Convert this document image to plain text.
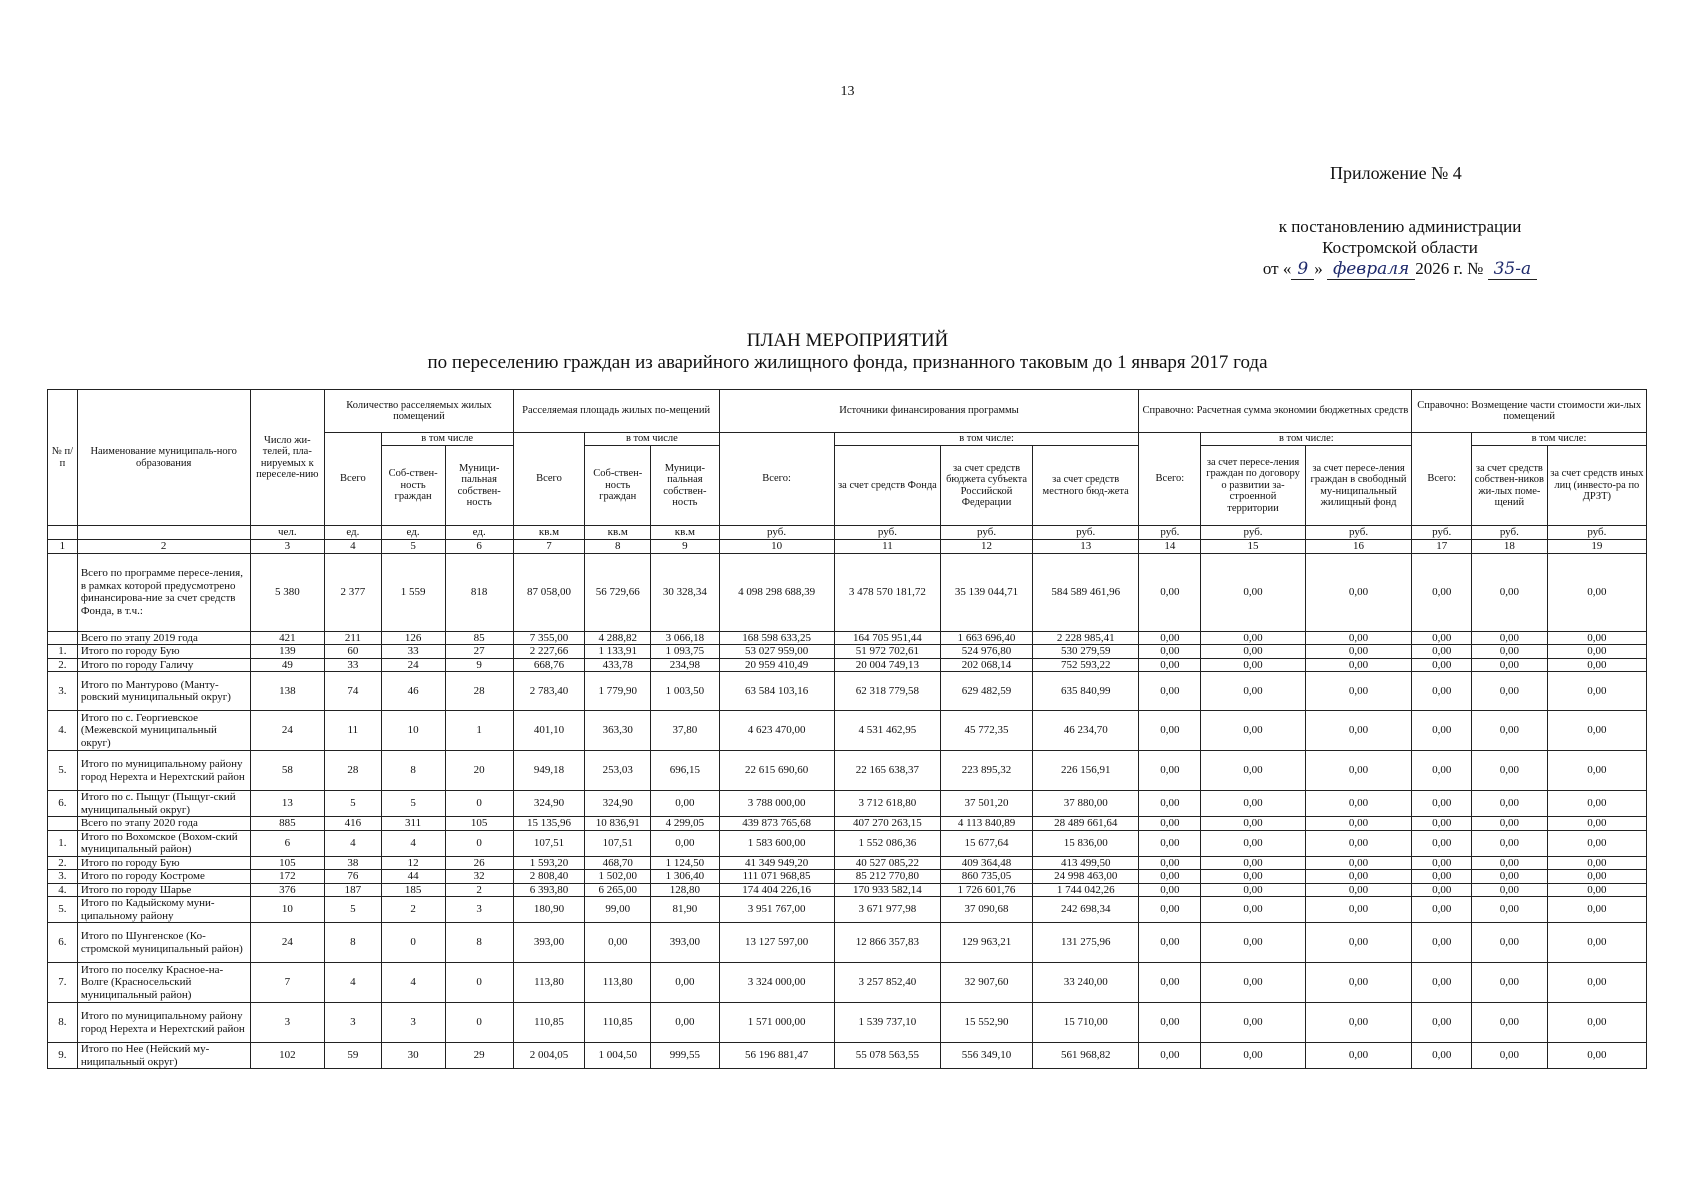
13
Приложение № 4
к постановлению администрации
Костромской области
от « 9 » февраля 2026 г. № 35-а
ПЛАН МЕРОПРИЯТИЙ
по переселению граждан из аварийного жилищного фонда, признанного таковым до 1 января 2017 года
№ п/п	Наименование муниципаль-ного образования	Число жи-телей, пла-нируемых к переселе-нию	Количество расселяемых жилых помещений			Расселяемая площадь жилых по-мещений			Источники финансирования программы				Справочно: Расчетная сумма экономии бюджетных средств			Справочно: Возмещение части стоимости жи-лых помещений		
			Всего	в том числе		Всего	в том числе		Всего:	в том числе:			Всего:	в том числе:		Всего:	в том числе:	
				Соб-ствен-ность граждан	Муници-пальная собствен-ность		Соб-ствен-ность граждан	Муници-пальная собствен-ность		за счет средств Фонда	за счет средств бюджета субъекта Российской Федерации	за счет средств местного бюд-жета		за счет пересе-ления граждан по договору о развитии за-строенной территории	за счет пересе-ления граждан в свободный му-ниципальный жилищный фонд		за счет средств собствен-ников жи-лых поме-щений	за счет средств иных лиц (инвесто-ра по ДРЗТ)
		чел.	ед.	ед.	ед.	кв.м	кв.м	кв.м	руб.	руб.	руб.	руб.	руб.	руб.	руб.	руб.	руб.	руб.
1	2	3	4	5	6	7	8	9	10	11	12	13	14	15	16	17	18	19
	Всего по программе пересе-ления, в рамках которой предусмотрено финансирова-ние за счет средств Фонда, в т.ч.:	5 380	2 377	1 559	818	87 058,00	56 729,66	30 328,34	4 098 298 688,39	3 478 570 181,72	35 139 044,71	584 589 461,96	0,00	0,00	0,00	0,00	0,00	0,00
	Всего по этапу 2019 года	421	211	126	85	7 355,00	4 288,82	3 066,18	168 598 633,25	164 705 951,44	1 663 696,40	2 228 985,41	0,00	0,00	0,00	0,00	0,00	0,00
1.	Итого по городу Бую	139	60	33	27	2 227,66	1 133,91	1 093,75	53 027 959,00	51 972 702,61	524 976,80	530 279,59	0,00	0,00	0,00	0,00	0,00	0,00
2.	Итого по городу Галичу	49	33	24	9	668,76	433,78	234,98	20 959 410,49	20 004 749,13	202 068,14	752 593,22	0,00	0,00	0,00	0,00	0,00	0,00
3.	Итого по Мантурово (Манту-ровский муниципальный округ)	138	74	46	28	2 783,40	1 779,90	1 003,50	63 584 103,16	62 318 779,58	629 482,59	635 840,99	0,00	0,00	0,00	0,00	0,00	0,00
4.	Итого по с. Георгиевское (Межевской муниципальный округ)	24	11	10	1	401,10	363,30	37,80	4 623 470,00	4 531 462,95	45 772,35	46 234,70	0,00	0,00	0,00	0,00	0,00	0,00
5.	Итого по муниципальному району город Нерехта и Нерехтский район	58	28	8	20	949,18	253,03	696,15	22 615 690,60	22 165 638,37	223 895,32	226 156,91	0,00	0,00	0,00	0,00	0,00	0,00
6.	Итого по с. Пыщуг (Пыщуг-ский муниципальный округ)	13	5	5	0	324,90	324,90	0,00	3 788 000,00	3 712 618,80	37 501,20	37 880,00	0,00	0,00	0,00	0,00	0,00	0,00
	Всего по этапу 2020 года	885	416	311	105	15 135,96	10 836,91	4 299,05	439 873 765,68	407 270 263,15	4 113 840,89	28 489 661,64	0,00	0,00	0,00	0,00	0,00	0,00
1.	Итого по Вохомское (Вохом-ский муниципальный район)	6	4	4	0	107,51	107,51	0,00	1 583 600,00	1 552 086,36	15 677,64	15 836,00	0,00	0,00	0,00	0,00	0,00	0,00
2.	Итого по городу Бую	105	38	12	26	1 593,20	468,70	1 124,50	41 349 949,20	40 527 085,22	409 364,48	413 499,50	0,00	0,00	0,00	0,00	0,00	0,00
3.	Итого по городу Костроме	172	76	44	32	2 808,40	1 502,00	1 306,40	111 071 968,85	85 212 770,80	860 735,05	24 998 463,00	0,00	0,00	0,00	0,00	0,00	0,00
4.	Итого по городу Шарье	376	187	185	2	6 393,80	6 265,00	128,80	174 404 226,16	170 933 582,14	1 726 601,76	1 744 042,26	0,00	0,00	0,00	0,00	0,00	0,00
5.	Итого по Кадыйскому муни-ципальному району	10	5	2	3	180,90	99,00	81,90	3 951 767,00	3 671 977,98	37 090,68	242 698,34	0,00	0,00	0,00	0,00	0,00	0,00
6.	Итого по Шунгенское (Ко-стромской муниципальный район)	24	8	0	8	393,00	0,00	393,00	13 127 597,00	12 866 357,83	129 963,21	131 275,96	0,00	0,00	0,00	0,00	0,00	0,00
7.	Итого по поселку Красное-на-Волге (Красносельский муниципальный район)	7	4	4	0	113,80	113,80	0,00	3 324 000,00	3 257 852,40	32 907,60	33 240,00	0,00	0,00	0,00	0,00	0,00	0,00
8.	Итого по муниципальному району город Нерехта и Нерехтский район	3	3	3	0	110,85	110,85	0,00	1 571 000,00	1 539 737,10	15 552,90	15 710,00	0,00	0,00	0,00	0,00	0,00	0,00
9.	Итого по Нее (Нейский му-ниципальный округ)	102	59	30	29	2 004,05	1 004,50	999,55	56 196 881,47	55 078 563,55	556 349,10	561 968,82	0,00	0,00	0,00	0,00	0,00	0,00
